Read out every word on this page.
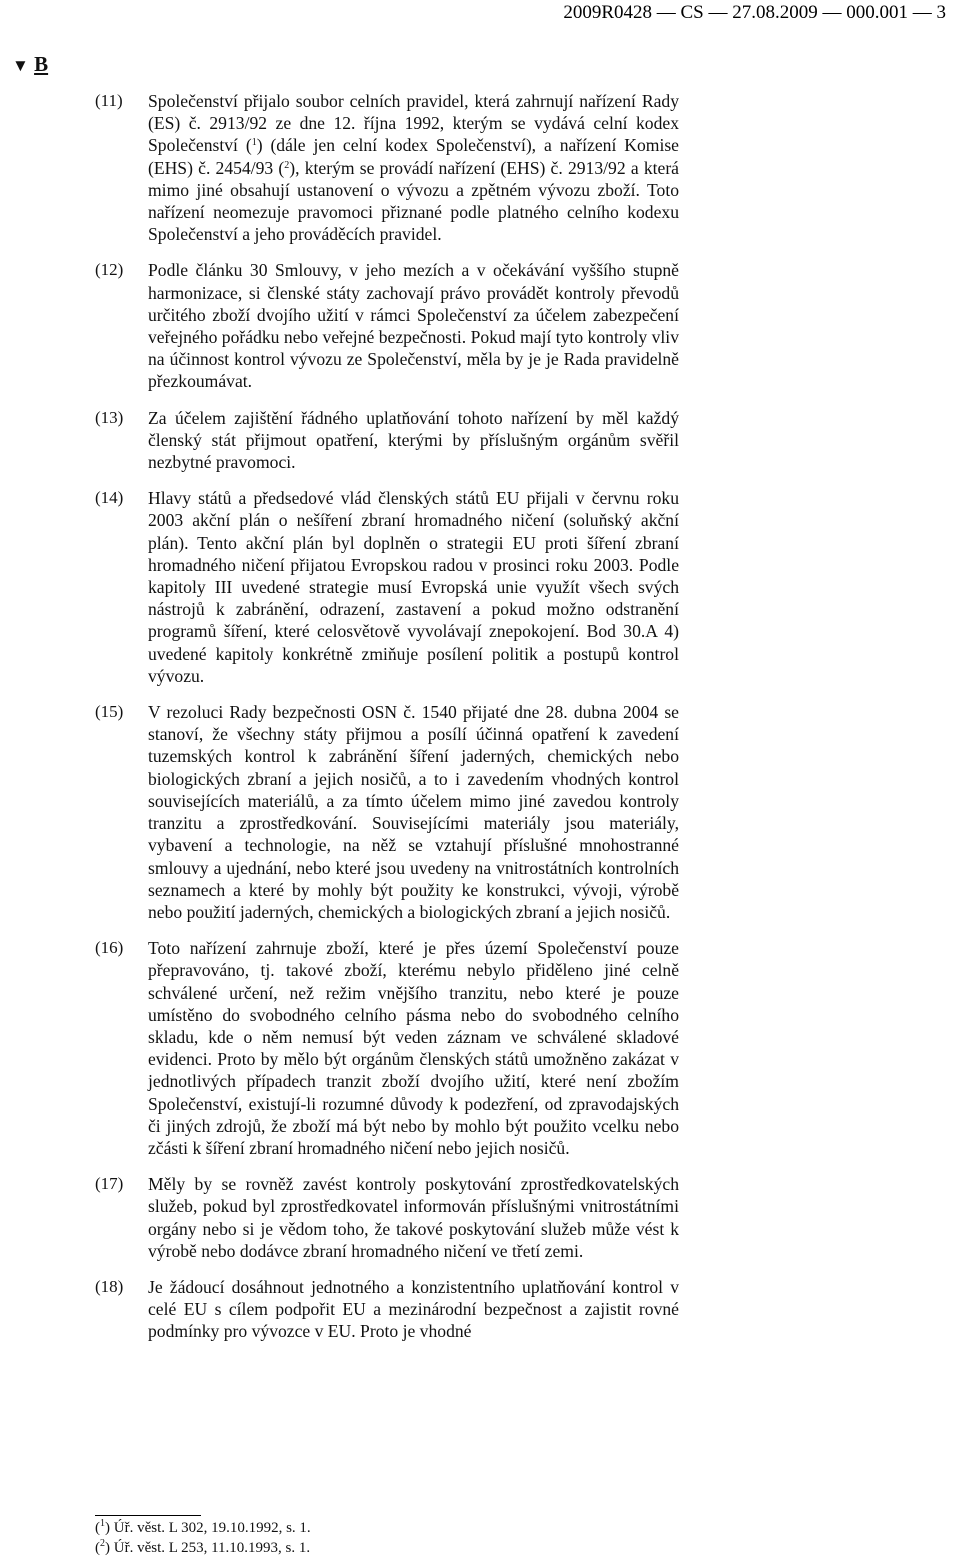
2009R0428 — CS — 27.08.2009 — 000.001 — 3
▼ B
(11) Společenství přijalo soubor celních pravidel, která zahrnují nařízení Rady (ES) č. 2913/92 ze dne 12. října 1992, kterým se vydává celní kodex Společenství ($^1$) (dále jen celní kodex Společenství), a nařízení Komise (EHS) č. 2454/93 ($^2$), kterým se provádí nařízení (EHS) č. 2913/92 a která mimo jiné obsahují ustanovení o vývozu a zpětném vývozu zboží. Toto nařízení neomezuje pravomoci přiznané podle platného celního kodexu Společenství a jeho prováděcích pravidel.
(12) Podle článku 30 Smlouvy, v jeho mezích a v očekávání vyššího stupně harmonizace, si členské státy zachovají právo provádět kontroly převodů určitého zboží dvojího užití v rámci Společenství za účelem zabezpečení veřejného pořádku nebo veřejné bezpečnosti. Pokud mají tyto kontroly vliv na účinnost kontrol vývozu ze Společenství, měla by je je Rada pravidelně přezkoumávat.
(13) Za účelem zajištění řádného uplatňování tohoto nařízení by měl každý členský stát přijmout opatření, kterými by příslušným orgánům svěřil nezbytné pravomoci.
(14) Hlavy států a předsedové vlád členských států EU přijali v červnu roku 2003 akční plán o nešíření zbraní hromadného ničení (soluňský akční plán). Tento akční plán byl doplněn o strategii EU proti šíření zbraní hromadného ničení přijatou Evropskou radou v prosinci roku 2003. Podle kapitoly III uvedené strategie musí Evropská unie využít všech svých nástrojů k zabránění, odrazení, zastavení a pokud možno odstranění programů šíření, které celosvětově vyvolávají znepokojení. Bod 30.A 4) uvedené kapitoly konkrétně zmiňuje posílení politik a postupů kontrol vývozu.
(15) V rezoluci Rady bezpečnosti OSN č. 1540 přijaté dne 28. dubna 2004 se stanoví, že všechny státy přijmou a posílí účinná opatření k zavedení tuzemských kontrol k zabránění šíření jaderných, chemických nebo biologických zbraní a jejich nosičů, a to i zavedením vhodných kontrol souvisejících materiálů, a za tímto účelem mimo jiné zavedou kontroly tranzitu a zprostředkování. Souvisejícími materiály jsou materiály, vybavení a technologie, na něž se vztahují příslušné mnohostranné smlouvy a ujednání, nebo které jsou uvedeny na vnitrostátních kontrolních seznamech a které by mohly být použity ke konstrukci, vývoji, výrobě nebo použití jaderných, chemických a biologických zbraní a jejich nosičů.
(16) Toto nařízení zahrnuje zboží, které je přes území Společenství pouze přepravováno, tj. takové zboží, kterému nebylo přiděleno jiné celně schválené určení, než režim vnějšího tranzitu, nebo které je pouze umístěno do svobodného celního pásma nebo do svobodného celního skladu, kde o něm nemusí být veden záznam ve schválené skladové evidenci. Proto by mělo být orgánům členských států umožněno zakázat v jednotlivých případech tranzit zboží dvojího užití, které není zbožím Společenství, existují-li rozumné důvody k podezření, od zpravodajských či jiných zdrojů, že zboží má být nebo by mohlo být použito vcelku nebo zčásti k šíření zbraní hromadného ničení nebo jejich nosičů.
(17) Měly by se rovněž zavést kontroly poskytování zprostředkovatelských služeb, pokud byl zprostředkovatel informován příslušnými vnitrostátními orgány nebo si je vědom toho, že takové poskytování služeb může vést k výrobě nebo dodávce zbraní hromadného ničení ve třetí zemi.
(18) Je žádoucí dosáhnout jednotného a konzistentního uplatňování kontrol v celé EU s cílem podpořit EU a mezinárodní bezpečnost a zajistit rovné podmínky pro vývozce v EU. Proto je vhodné
($^1$) Úř. věst. L 302, 19.10.1992, s. 1.
($^2$) Úř. věst. L 253, 11.10.1993, s. 1.
